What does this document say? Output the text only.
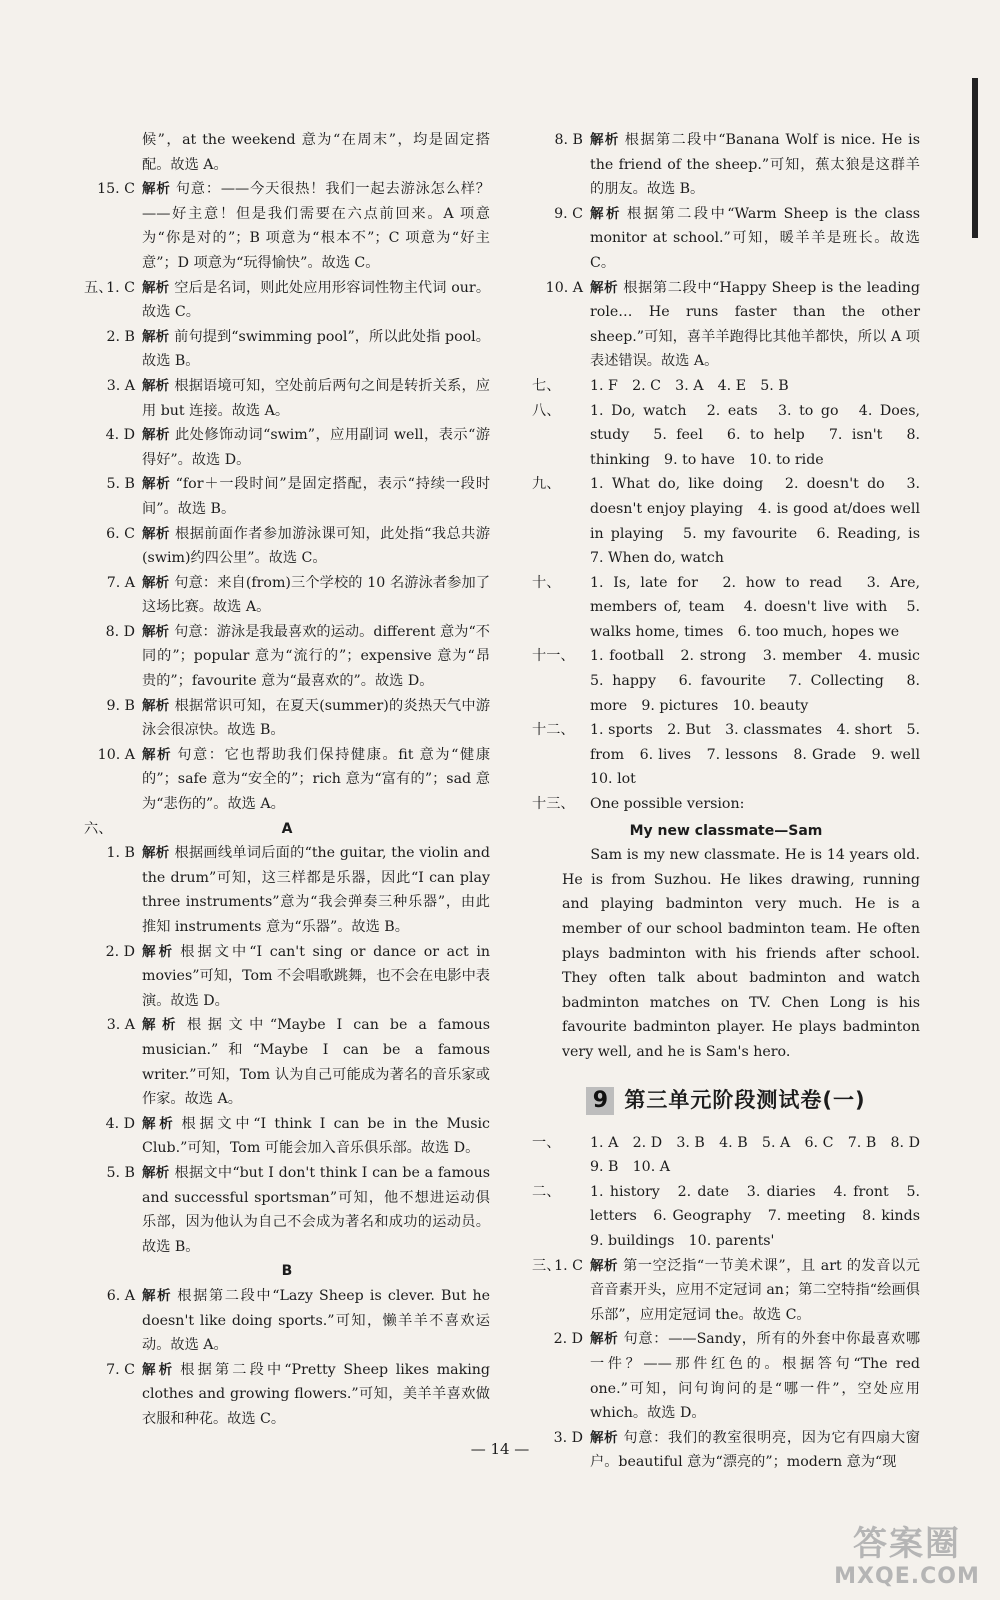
候”，at the weekend 意为“在周末”，均是固定搭配。故选 A。
15. C 解析 句意：——今天很热！我们一起去游泳怎么样？——好主意！但是我们需要在六点前回来。A 项意为“你是对的”；B 项意为“根本不”；C 项意为“好主意”；D 项意为“玩得愉快”。故选 C。
五、
1. C 解析 空后是名词，则此处应用形容词性物主代词 our。故选 C。
2. B 解析 前句提到“swimming pool”，所以此处指 pool。故选 B。
3. A 解析 根据语境可知，空处前后两句之间是转折关系，应用 but 连接。故选 A。
4. D 解析 此处修饰动词“swim”，应用副词 well，表示“游得好”。故选 D。
5. B 解析 “for＋一段时间”是固定搭配，表示“持续一段时间”。故选 B。
6. C 解析 根据前面作者参加游泳课可知，此处指“我总共游(swim)约四公里”。故选 C。
7. A 解析 句意：来自(from)三个学校的 10 名游泳者参加了这场比赛。故选 A。
8. D 解析 句意：游泳是我最喜欢的运动。different 意为“不同的”；popular 意为“流行的”；expensive 意为“昂贵的”；favourite 意为“最喜欢的”。故选 D。
9. B 解析 根据常识可知，在夏天(summer)的炎热天气中游泳会很凉快。故选 B。
10. A 解析 句意：它也帮助我们保持健康。fit 意为“健康的”；safe 意为“安全的”；rich 意为“富有的”；sad 意为“悲伤的”。故选 A。
六、	A
1. B 解析 根据画线单词后面的“the guitar, the violin and the drum”可知，这三样都是乐器，因此“I can play three instruments”意为“我会弹奏三种乐器”，由此推知 instruments 意为“乐器”。故选 B。
2. D 解析 根据文中“I can't sing or dance or act in movies”可知，Tom 不会唱歌跳舞，也不会在电影中表演。故选 D。
3. A 解析 根据文中“Maybe I can be a famous musician.”和“Maybe I can be a famous writer.”可知，Tom 认为自己可能成为著名的音乐家或作家。故选 A。
4. D 解析 根据文中“I think I can be in the Music Club.”可知，Tom 可能会加入音乐俱乐部。故选 D。
5. B 解析 根据文中“but I don't think I can be a famous and successful sportsman”可知，他不想进运动俱乐部，因为他认为自己不会成为著名和成功的运动员。故选 B。
B
6. A 解析 根据第二段中“Lazy Sheep is clever. But he doesn't like doing sports.”可知，懒羊羊不喜欢运动。故选 A。
7. C 解析 根据第二段中“Pretty Sheep likes making clothes and growing flowers.”可知，美羊羊喜欢做衣服和种花。故选 C。
8. B 解析 根据第二段中“Banana Wolf is nice. He is the friend of the sheep.”可知，蕉太狼是这群羊的朋友。故选 B。
9. C 解析 根据第二段中“Warm Sheep is the class monitor at school.”可知，暖羊羊是班长。故选 C。
10. A 解析 根据第二段中“Happy Sheep is the leading role… He runs faster than the other sheep.”可知，喜羊羊跑得比其他羊都快，所以 A 项表述错误。故选 A。
七、 1. F　2. C　3. A　4. E　5. B
八、 1. Do, watch　2. eats　3. to go　4. Does, study　5. feel　6. to help　7. isn't　8. thinking　9. to have　10. to ride
九、 1. What do, like doing　2. doesn't do　3. doesn't enjoy playing　4. is good at/does well in playing　5. my favourite　6. Reading, is　7. When do, watch
十、 1. Is, late for　2. how to read　3. Are, members of, team　4. doesn't live with　5. walks home, times　6. too much, hopes we
十一、 1. football　2. strong　3. member　4. music　5. happy　6. favourite　7. Collecting　8. more　9. pictures　10. beauty
十二、 1. sports　2. But　3. classmates　4. short　5. from　6. lives　7. lessons　8. Grade　9. well　10. lot
十三、 One possible version:
My new classmate—Sam
Sam is my new classmate. He is 14 years old. He is from Suzhou. He likes drawing, running and playing badminton very much. He is a member of our school badminton team. He often plays badminton with his friends after school. They often talk about badminton and watch badminton matches on TV. Chen Long is his favourite badminton player. He plays badminton very well, and he is Sam's hero.
9 第三单元阶段测试卷(一)
一、 1. A　2. D　3. B　4. B　5. A　6. C　7. B　8. D　9. B　10. A
二、 1. history　2. date　3. diaries　4. front　5. letters　6. Geography　7. meeting　8. kinds　9. buildings　10. parents'
三、
1. C 解析 第一空泛指“一节美术课”，且 art 的发音以元音音素开头，应用不定冠词 an；第二空特指“绘画俱乐部”，应用定冠词 the。故选 C。
2. D 解析 句意：——Sandy，所有的外套中你最喜欢哪一件？——那件红色的。根据答句“The red one.”可知，问句询问的是“哪一件”，空处应用 which。故选 D。
3. D 解析 句意：我们的教室很明亮，因为它有四扇大窗户。beautiful 意为“漂亮的”；modern 意为“现
— 14 —
答案圈
MXQE.COM
